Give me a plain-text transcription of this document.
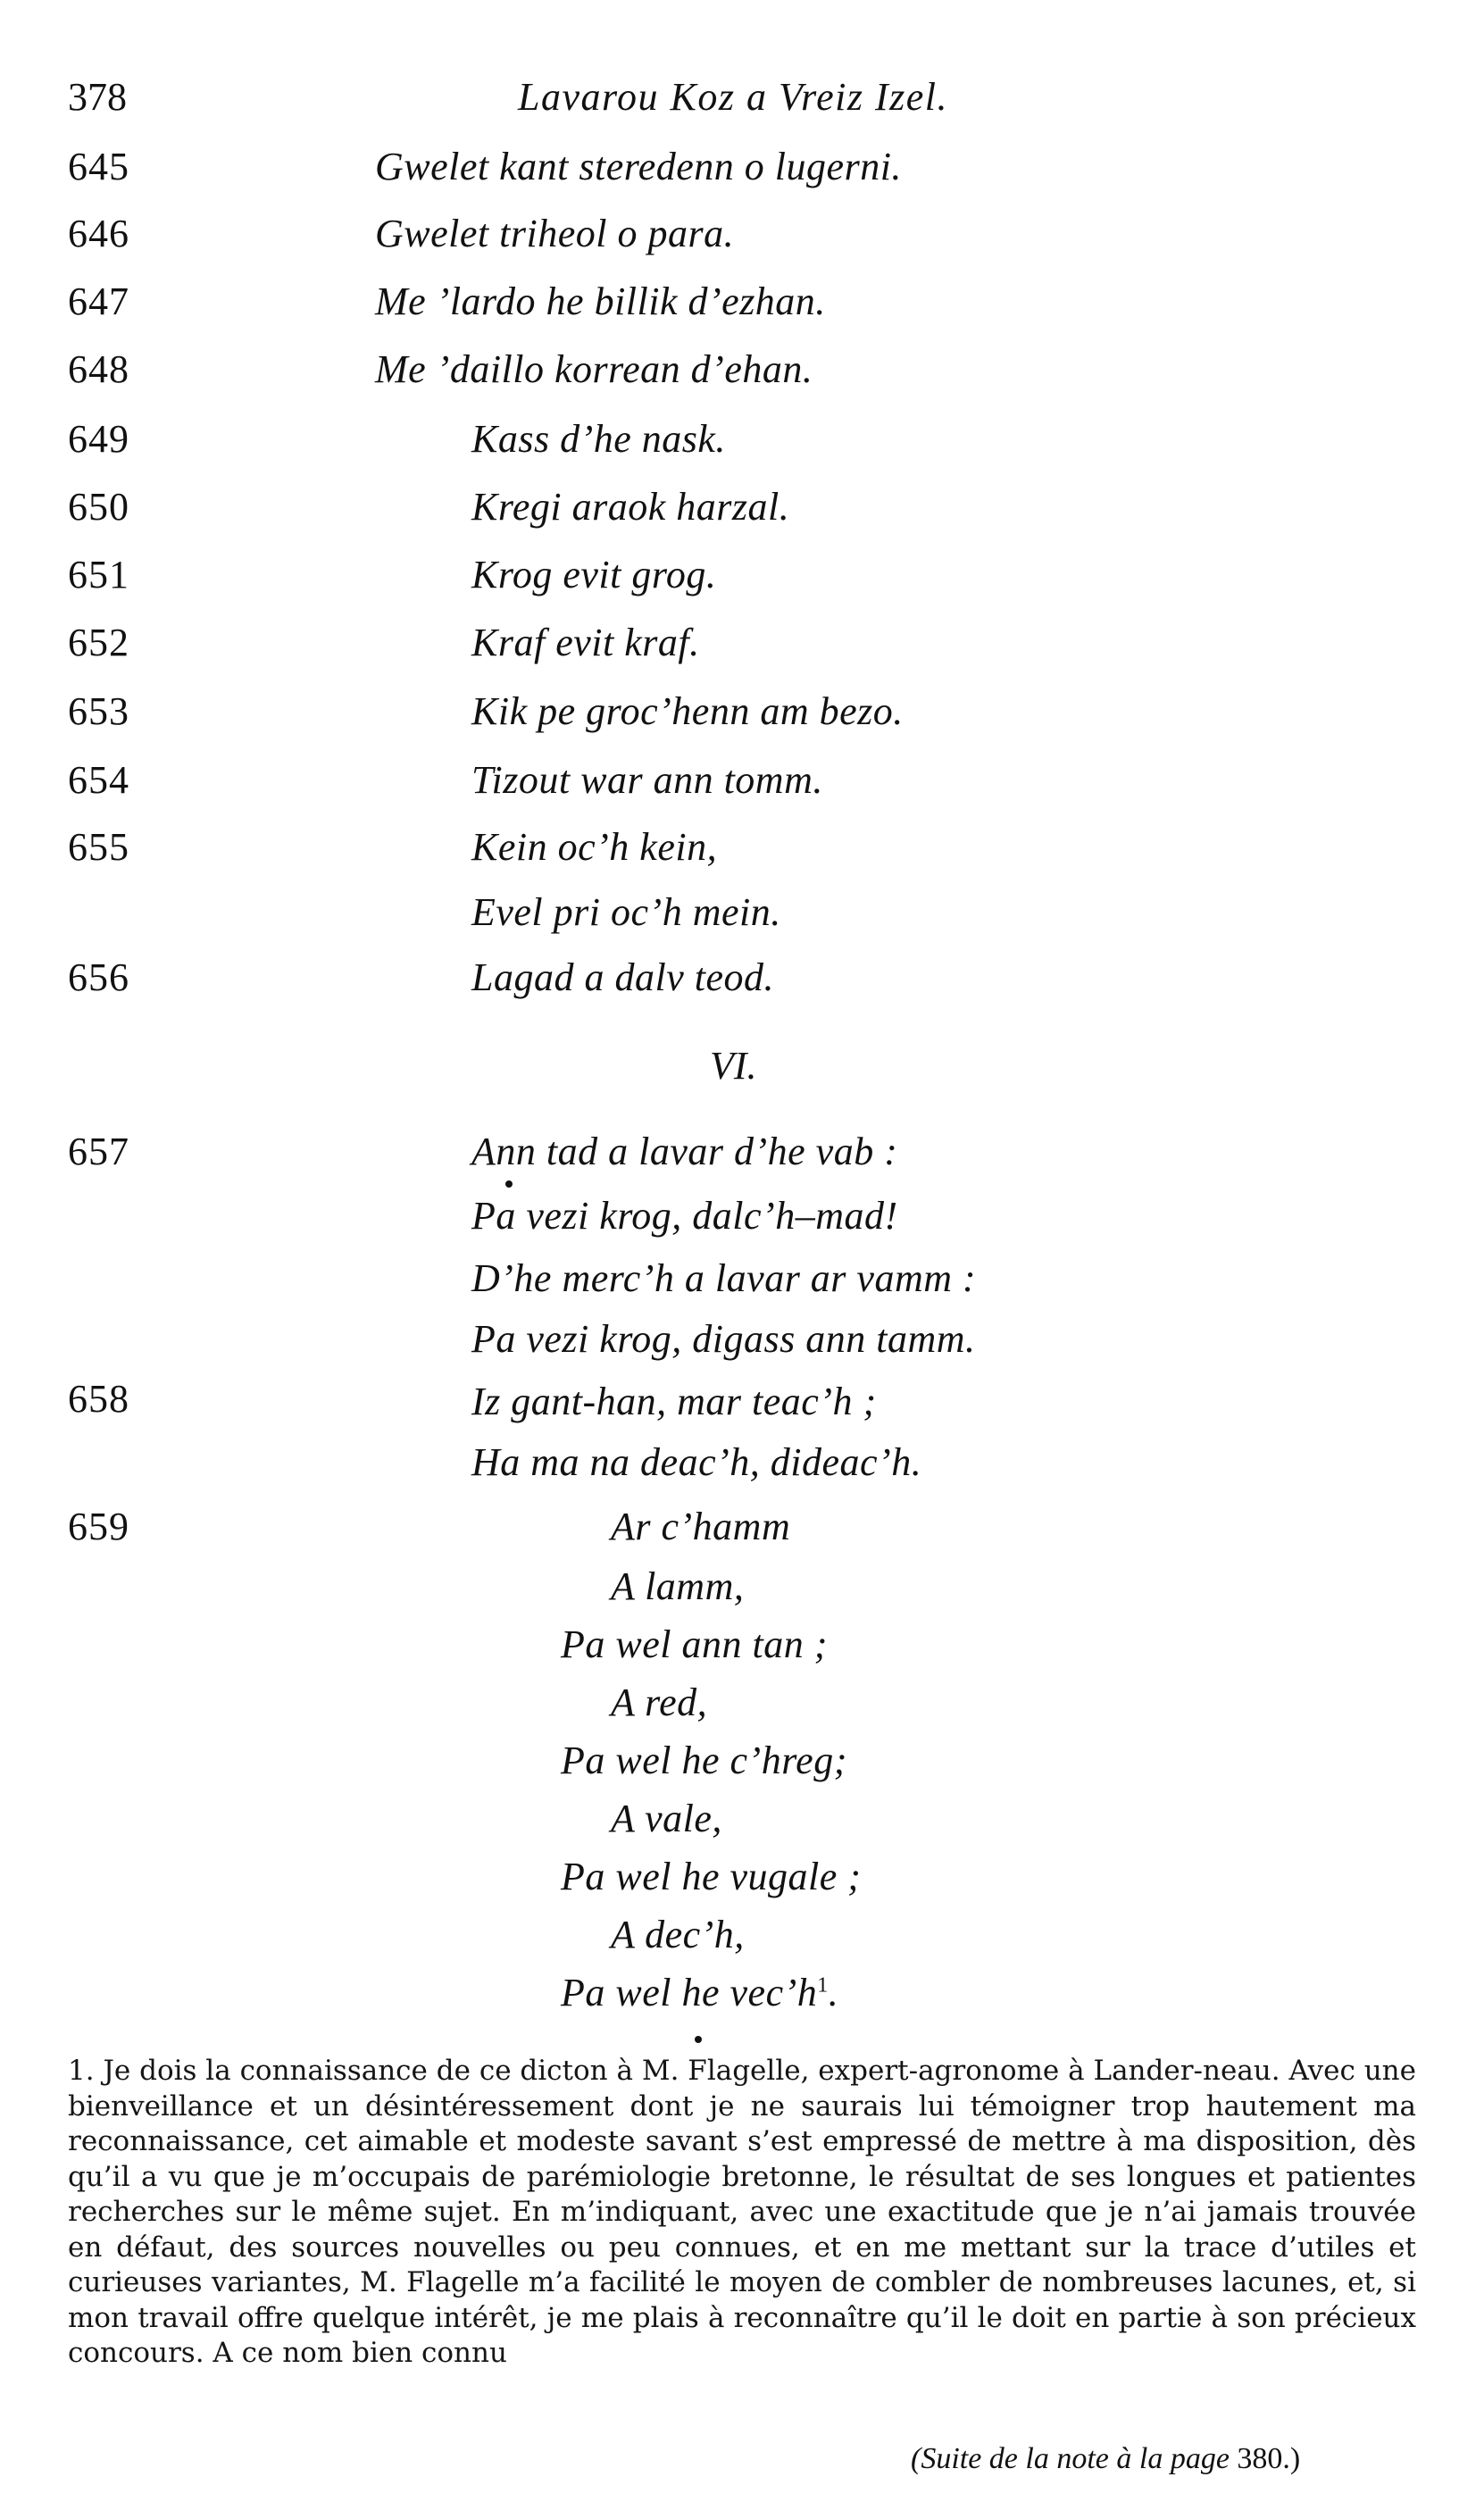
378	Lavarou Koz a Vreiz Izel.
645	Gwelet kant steredenn o lugerni.
646	Gwelet triheol o para.
647	Me ’lardo he billik d’ezhan.
648	Me ’daillo korrean d’ehan.
649	Kass d’he nask.
650	Kregi araok harzal.
651	Krog evit grog.
652	Kraf evit kraf.
653	Kik pe groc’henn am bezo.
654	Tizout war ann tomm.
655	Kein oc’h kein,
Evel pri oc’h mein.
656	Lagad a dalv teod.
VI.
657	Ann tad a lavar d’he vab :
Pa vezi krog, dalc’h–mad!
D’he merc’h a lavar ar vamm :
Pa vezi krog, digass ann tamm.
658	Iz gant-han, mar teac’h ;
Ha ma na deac’h, dideac’h.
659	Ar c’hamm
A lamm,
Pa wel ann tan ;
A red,
Pa wel he c’hreg;
A vale,
Pa wel he vugale ;
A dec’h,
Pa wel he $vec’h^1$.
1. Je dois la connaissance de ce dicton à M. Flagelle, expert-agronome à Lander-neau. Avec une bienveillance et un désintéressement dont je ne saurais lui témoigner trop hautement ma reconnaissance, cet aimable et modeste savant s’est empressé de mettre à ma disposition, dès qu’il a vu que je m’occupais de parémiologie bretonne, le résultat de ses longues et patientes recherches sur le même sujet. En m’indiquant, avec une exactitude que je n’ai jamais trouvée en défaut, des sources nouvelles ou peu connues, et en me mettant sur la trace d’utiles et curieuses variantes, M. Flagelle m’a facilité le moyen de combler de nombreuses lacunes, et, si mon travail offre quelque intérêt, je me plais à reconnaître qu’il le doit en partie à son précieux concours. A ce nom bien connu
(Suite de la note à la page 380.)
